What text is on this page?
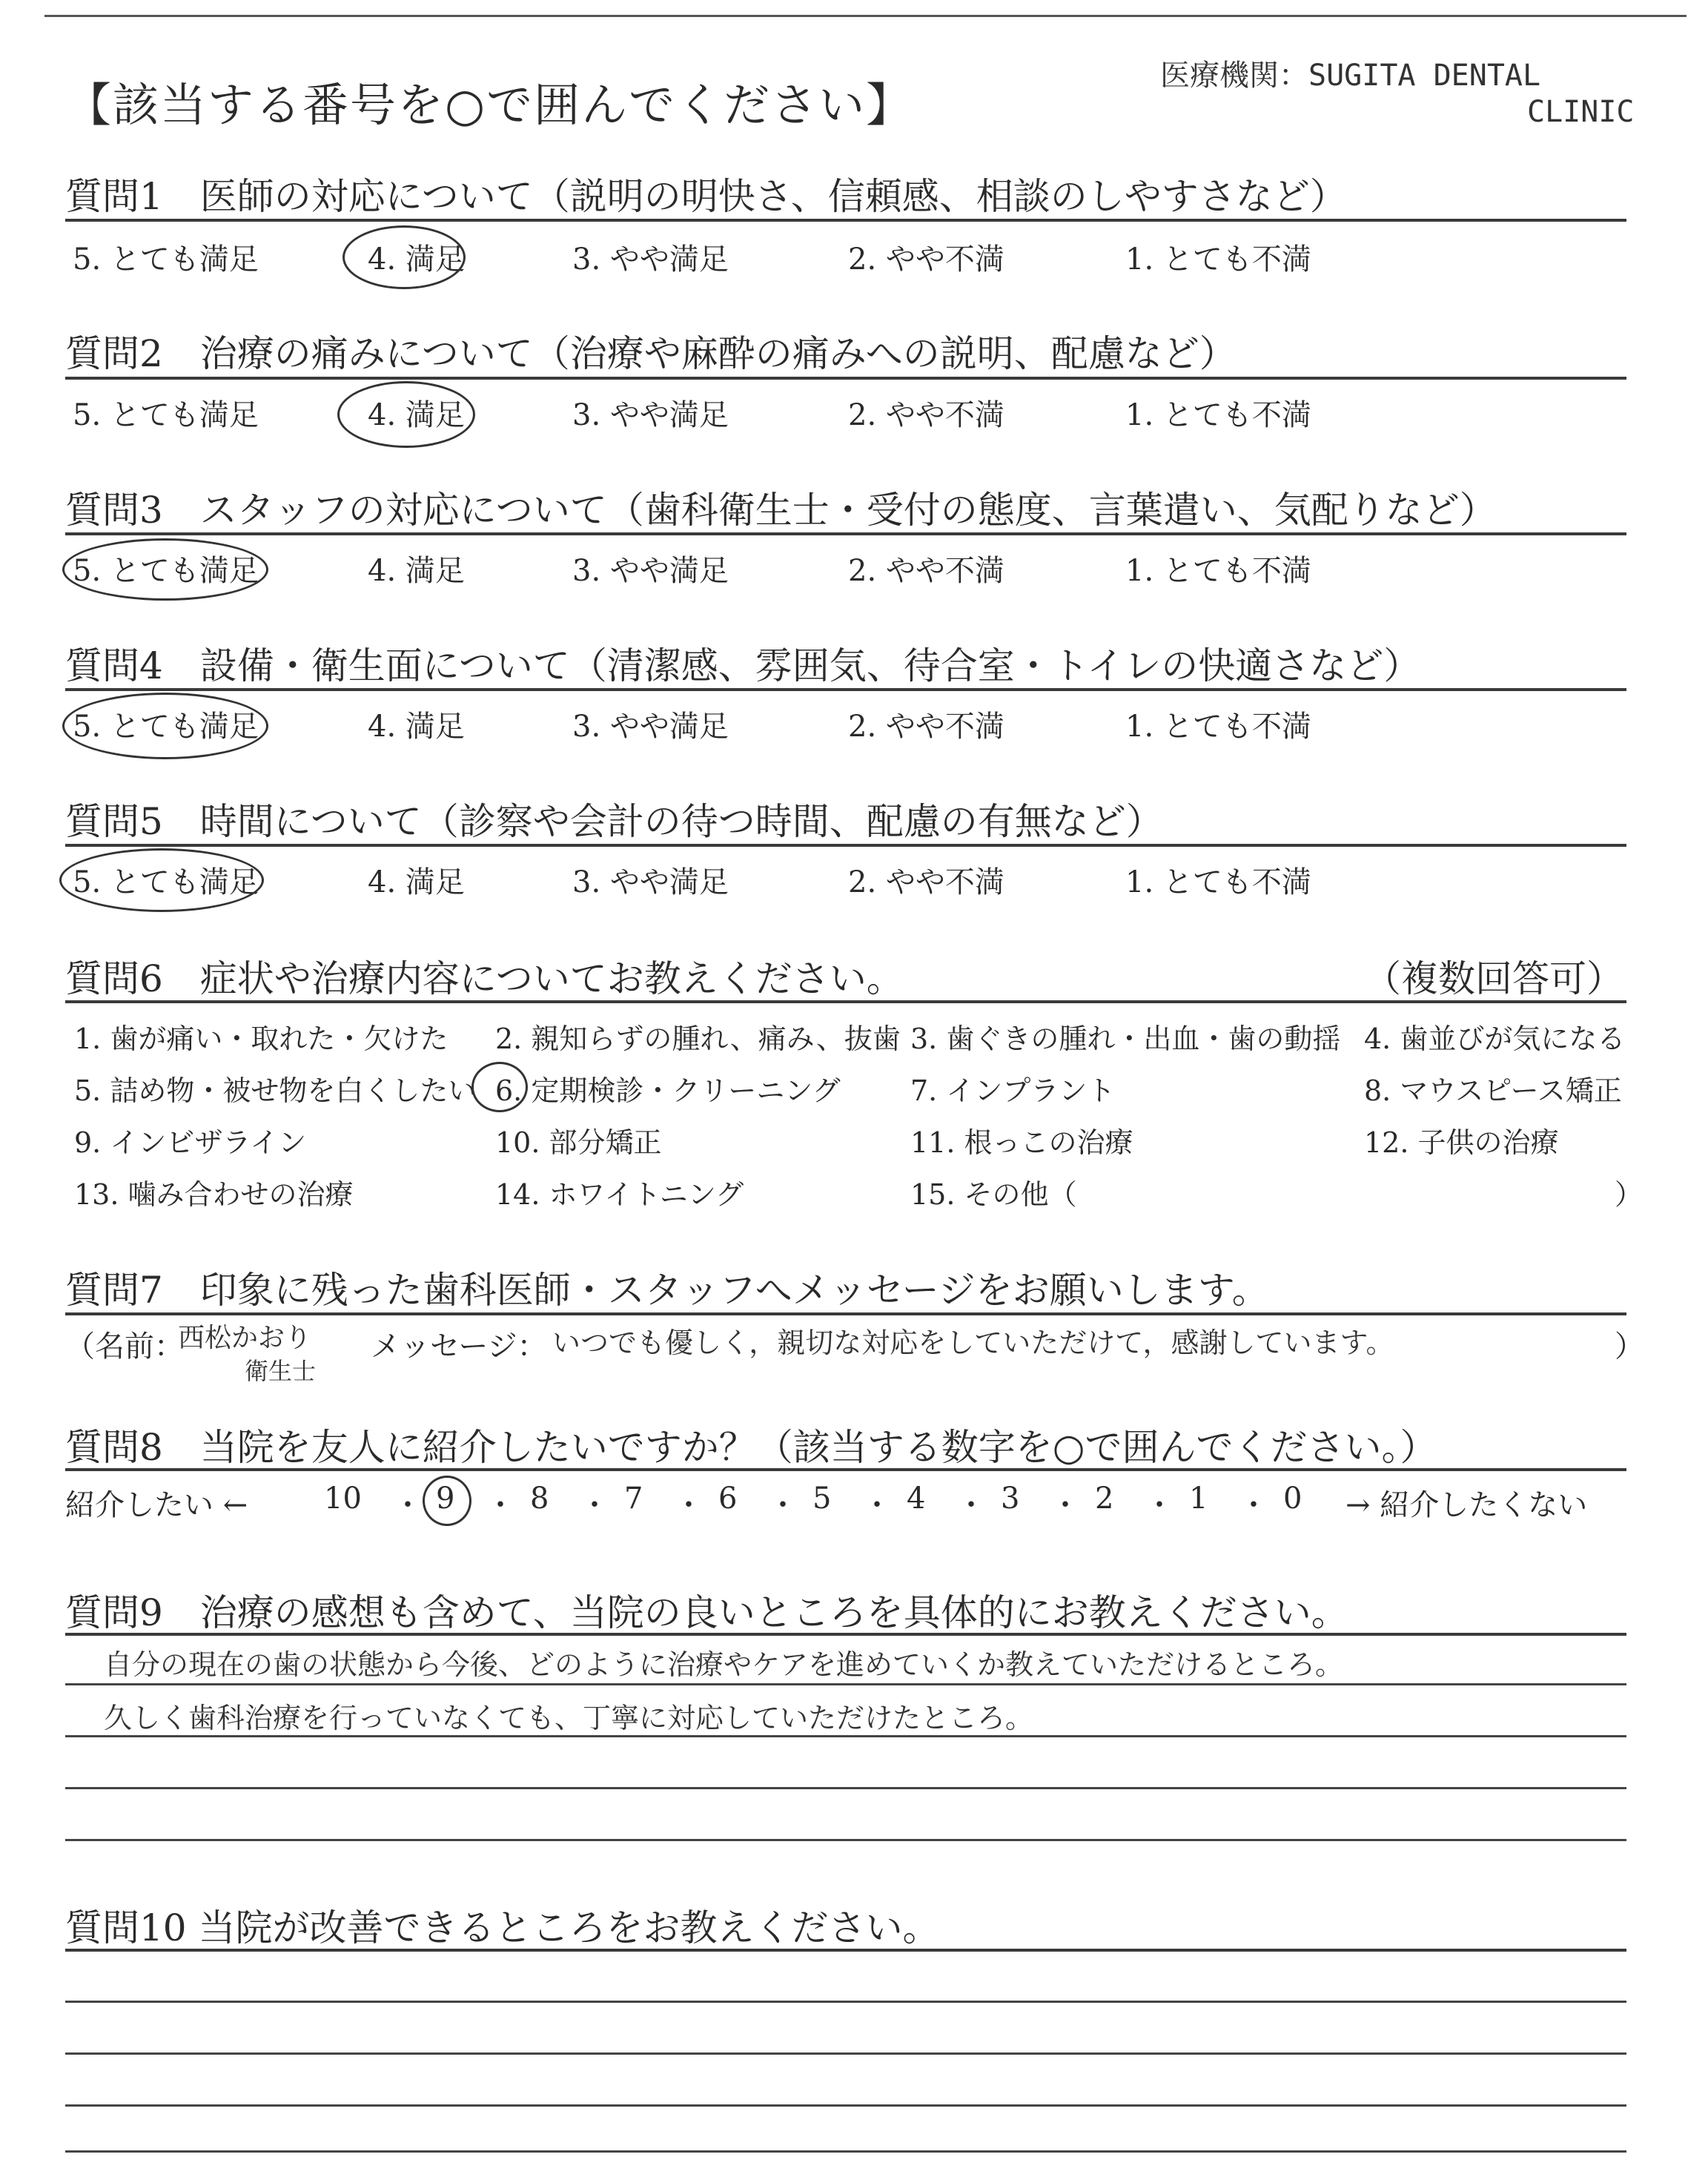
【該当する番号を○で囲んでください】
医療機関：SUGITA DENTAL
CLINIC
質問1　医師の対応について（説明の明快さ、信頼感、相談のしやすさなど）
5. とても満足	4. 満足	3. やや満足	2. やや不満	1. とても不満
質問2　治療の痛みについて（治療や麻酔の痛みへの説明、配慮など）
5. とても満足	4. 満足	3. やや満足	2. やや不満	1. とても不満
質問3　スタッフの対応について（歯科衛生士・受付の態度、言葉遣い、気配りなど）
5. とても満足	4. 満足	3. やや満足	2. やや不満	1. とても不満
質問4　設備・衛生面について（清潔感、雰囲気、待合室・トイレの快適さなど）
5. とても満足	4. 満足	3. やや満足	2. やや不満	1. とても不満
質問5　時間について（診察や会計の待つ時間、配慮の有無など）
5. とても満足	4. 満足	3. やや満足	2. やや不満	1. とても不満
質問6　症状や治療内容についてお教えください。	（複数回答可）
1. 歯が痛い・取れた・欠けた 2. 親知らずの腫れ、痛み、抜歯 3. 歯ぐきの腫れ・出血・歯の動揺 4. 歯並びが気になる
5. 詰め物・被せ物を白くしたい 6. 定期検診・クリーニング 7. インプラント	8. マウスピース矯正
9. インビザライン	10. 部分矯正	11. 根っこの治療	12. 子供の治療
13. 噛み合わせの治療	14. ホワイトニング	15. その他（	）
質問7　印象に残った歯科医師・スタッフへメッセージをお願いします。
（名前：
西松かおり
衛生士
メッセージ： いつでも優しく，親切な対応をしていただけて，感謝しています。	）
質問8　当院を友人に紹介したいですか？（該当する数字を○で囲んでください。）
紹介したい ←	→ 紹介したくない
10 ・ 9 ・ 8 ・ 7 ・ 6 ・ 5 ・ 4 ・ 3 ・ 2 ・ 1 ・ 0
質問9　治療の感想も含めて、当院の良いところを具体的にお教えください。
自分の現在の歯の状態から今後、どのように治療やケアを進めていくか教えていただけるところ。
久しく歯科治療を行っていなくても、丁寧に対応していただけたところ。
質問10 当院が改善できるところをお教えください。
